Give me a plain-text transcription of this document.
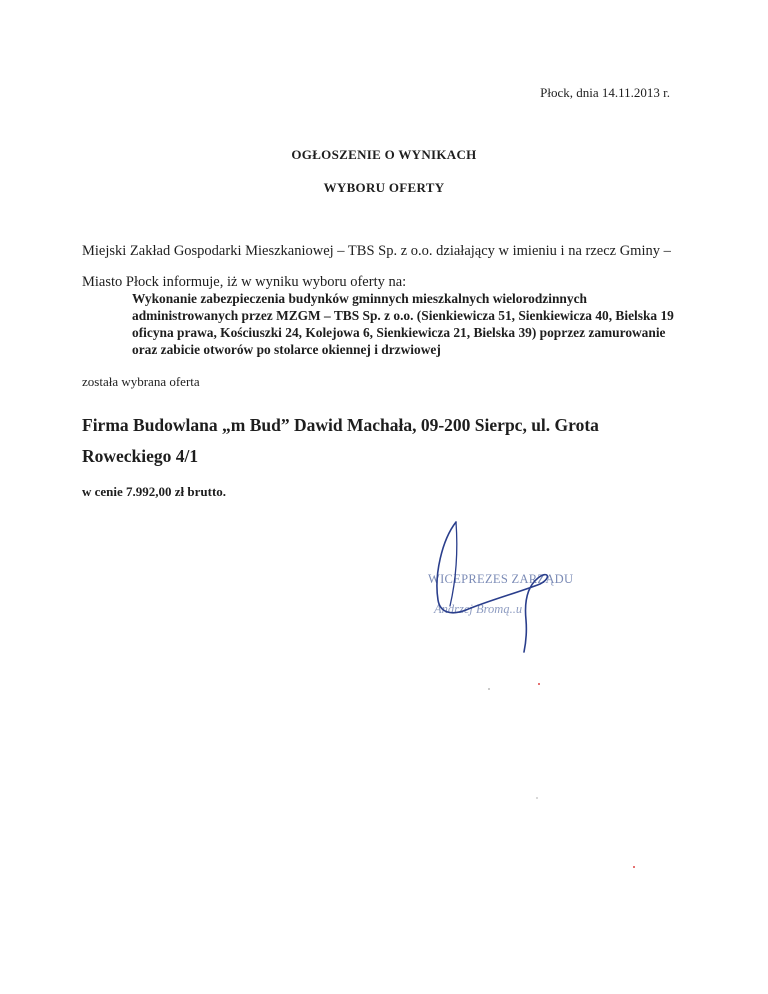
Płock, dnia 14.11.2013 r.
OGŁOSZENIE O WYNIKACH
WYBORU OFERTY

Miejski Zakład Gospodarki Mieszkaniowej – TBS Sp. z o.o. działający w imieniu i na rzecz Gminy – Miasto Płock informuje, iż w wyniku wyboru oferty na:

Wykonanie zabezpieczenia budynków gminnych mieszkalnych wielorodzinnych administrowanych przez MZGM – TBS Sp. z o.o. (Sienkiewicza 51, Sienkiewicza 40, Bielska 19 oficyna prawa, Kościuszki 24, Kolejowa 6, Sienkiewicza 21, Bielska 39) poprzez zamurowanie oraz zabicie otworów po stolarce okiennej i drzwiowej

została wybrana oferta

Firma Budowlana „m Bud” Dawid Machała, 09-200 Sierpc, ul. Grota Roweckiego 4/1

w cenie 7.992,00 zł brutto.
WICEPREZES ZARZĄDU
Andrzej Bromą..u
